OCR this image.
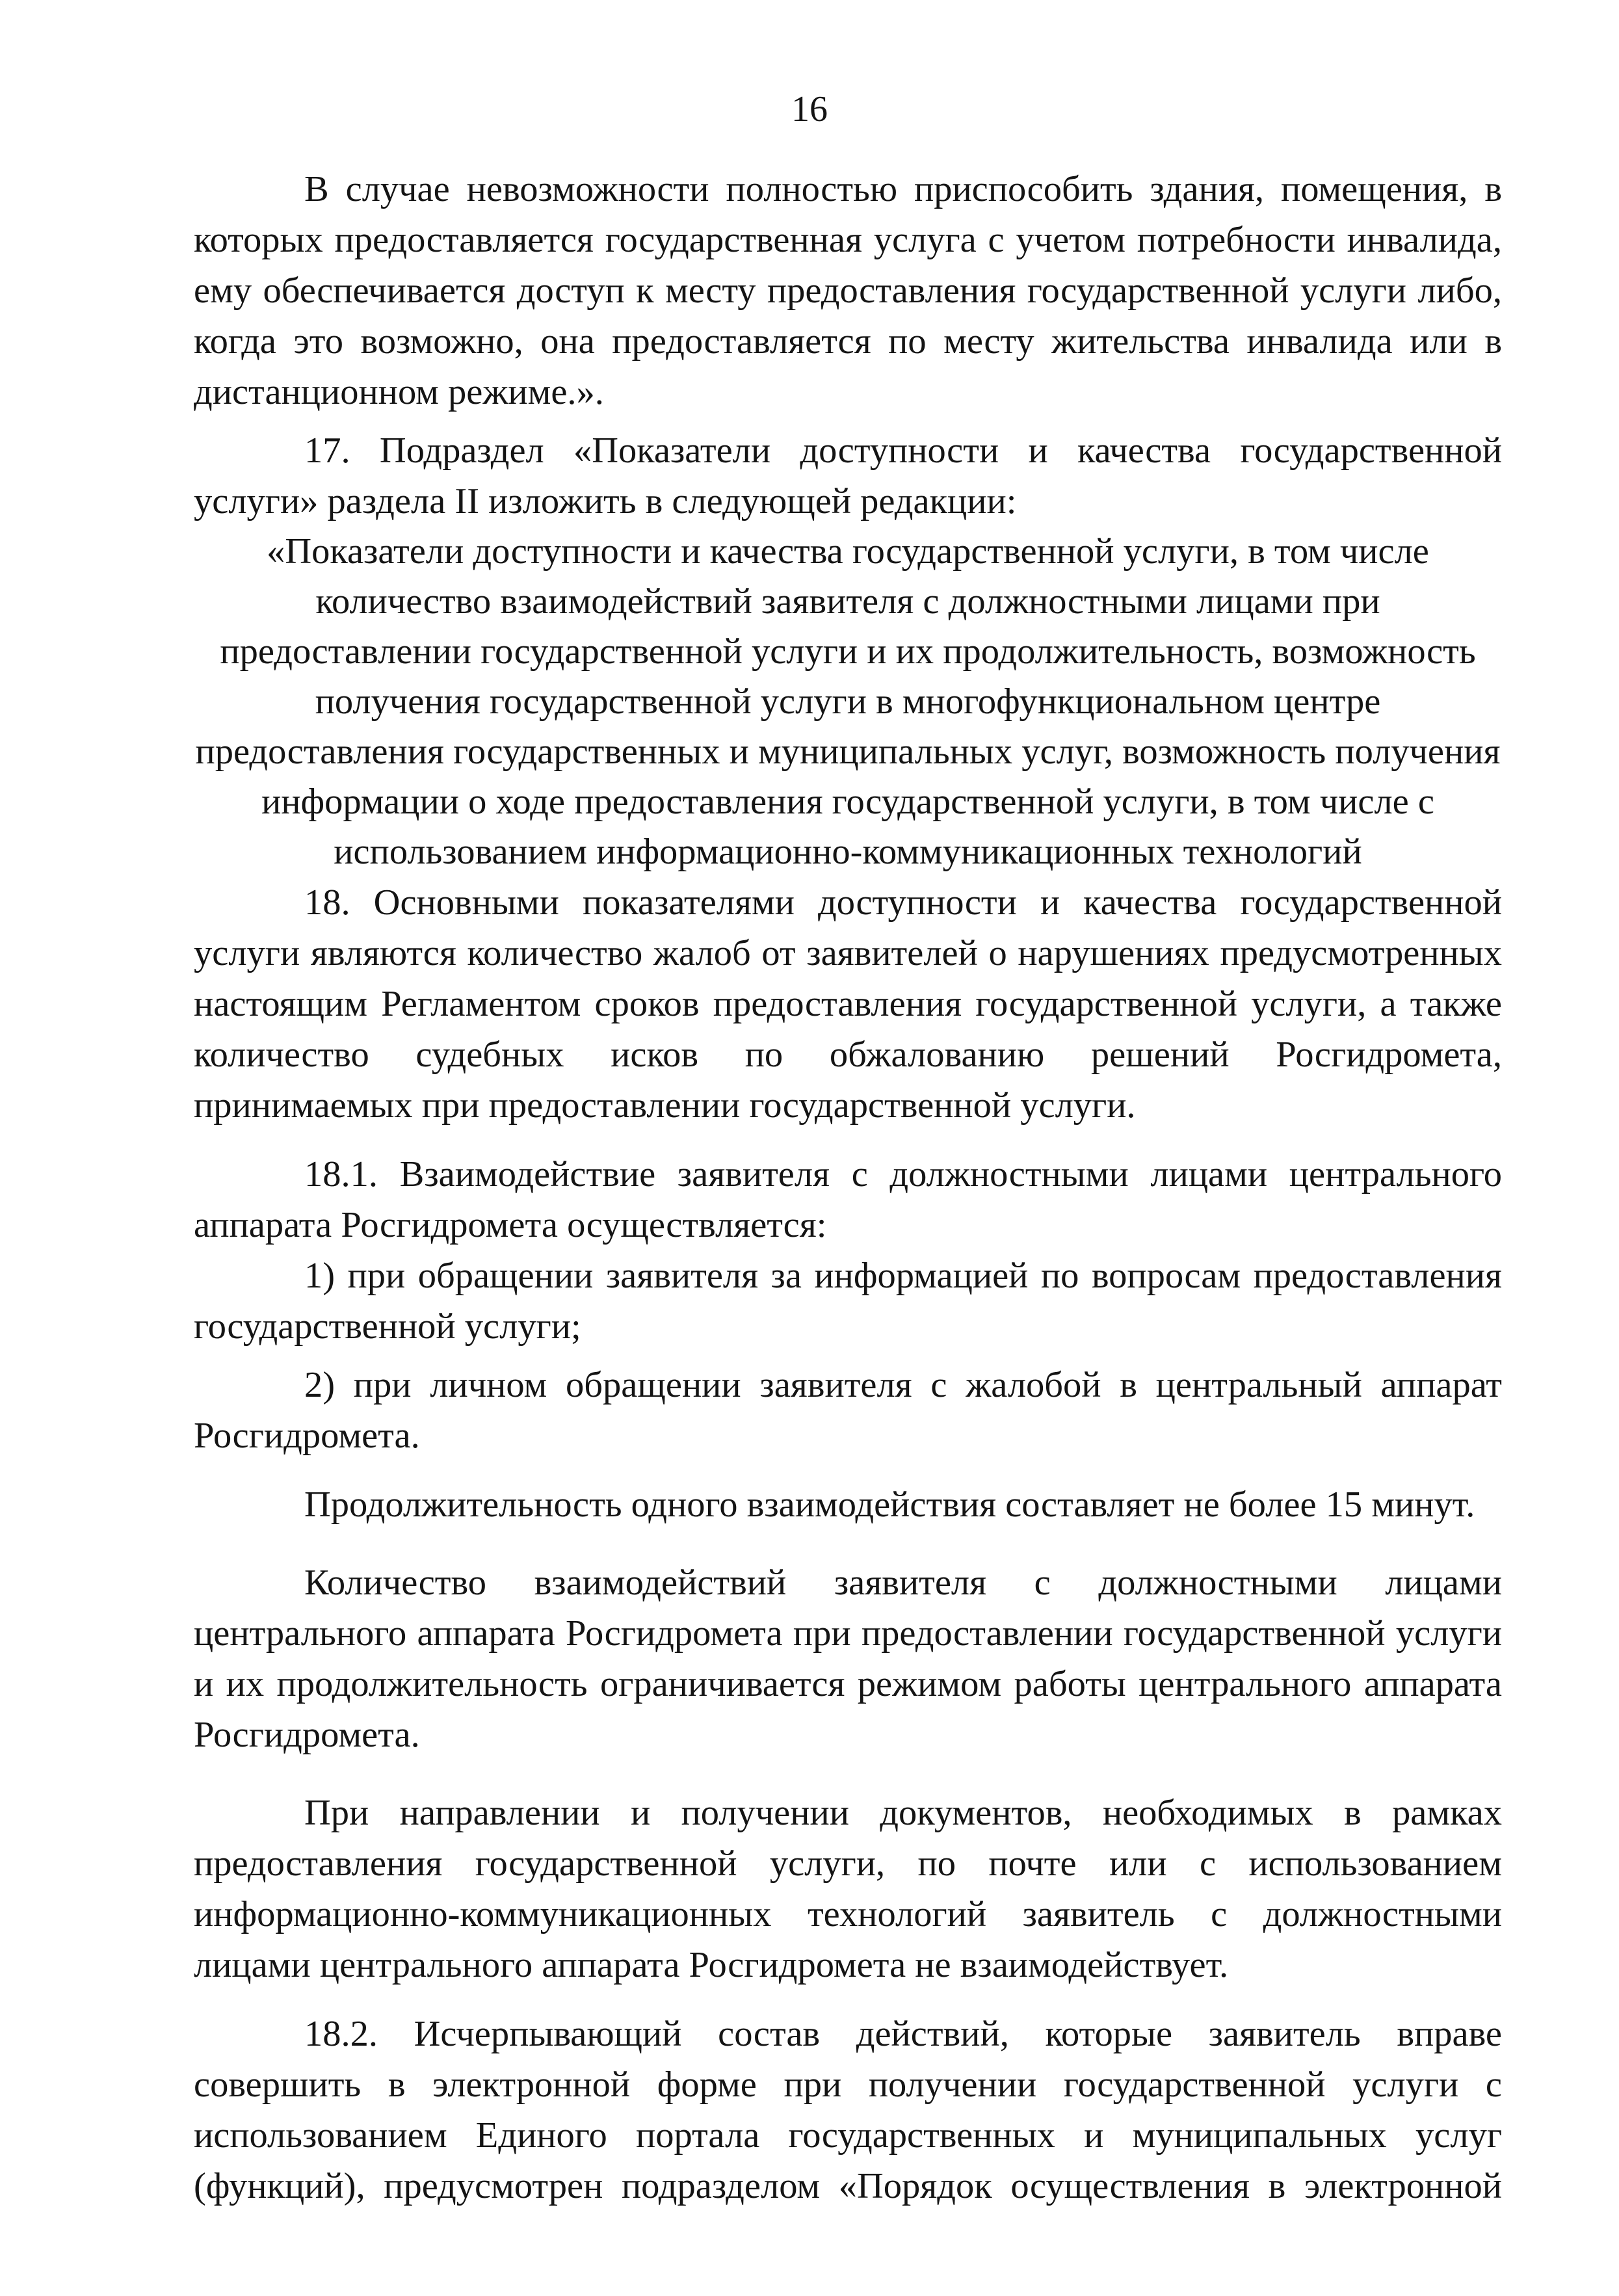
16

В случае невозможности полностью приспособить здания, помещения, в которых предоставляется государственная услуга с учетом потребности инвалида, ему обеспечивается доступ к месту предоставления государственной услуги либо, когда это возможно, она предоставляется по месту жительства инвалида или в дистанционном режиме.».

17. Подраздел «Показатели доступности и качества государственной услуги» раздела II изложить в следующей редакции:

«Показатели доступности и качества государственной услуги, в том числе количество взаимодействий заявителя с должностными лицами при предоставлении государственной услуги и их продолжительность, возможность получения государственной услуги в многофункциональном центре предоставления государственных и муниципальных услуг, возможность получения информации о ходе предоставления государственной услуги, в том числе с использованием информационно-коммуникационных технологий

18. Основными показателями доступности и качества государственной услуги являются количество жалоб от заявителей о нарушениях предусмотренных настоящим Регламентом сроков предоставления государственной услуги, а также количество судебных исков по обжалованию решений Росгидромета, принимаемых при предоставлении государственной услуги.

18.1. Взаимодействие заявителя с должностными лицами центрального аппарата Росгидромета осуществляется:

1) при обращении заявителя за информацией по вопросам предоставления государственной услуги;

2) при личном обращении заявителя с жалобой в центральный аппарат Росгидромета.

Продолжительность одного взаимодействия составляет не более 15 минут.

Количество взаимодействий заявителя с должностными лицами центрального аппарата Росгидромета при предоставлении государственной услуги и их продолжительность ограничивается режимом работы центрального аппарата Росгидромета.

При направлении и получении документов, необходимых в рамках предоставления государственной услуги, по почте или с использованием информационно-коммуникационных технологий заявитель с должностными лицами центрального аппарата Росгидромета не взаимодействует.

18.2. Исчерпывающий состав действий, которые заявитель вправе совершить в электронной форме при получении государственной услуги с использованием Единого портала государственных и муниципальных услуг (функций), предусмотрен подразделом «Порядок осуществления в электронной
